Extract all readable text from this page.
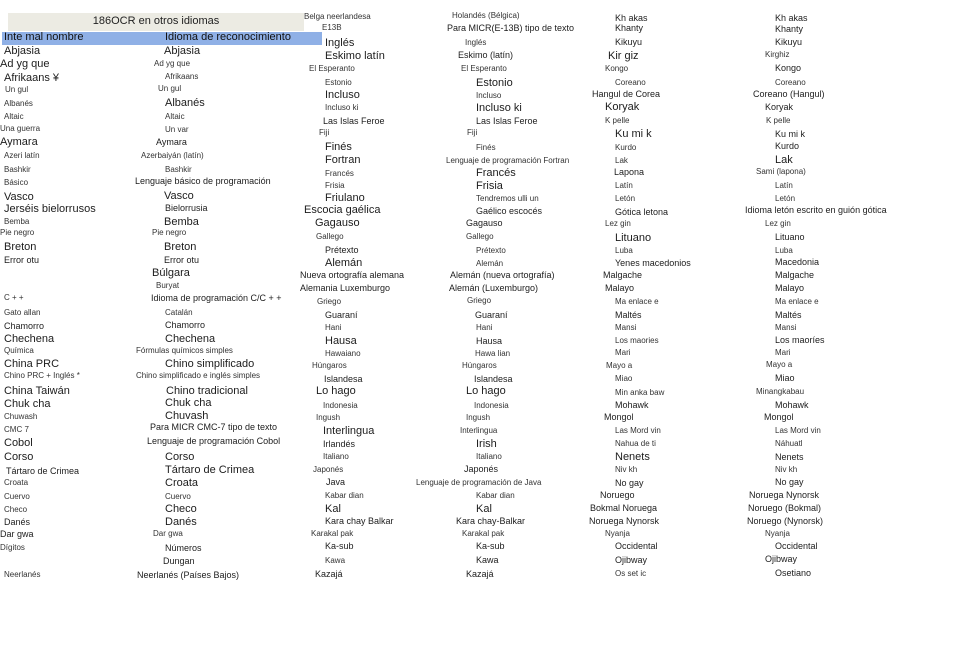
186OCR en otros idiomas
Inte mal nombre	Idioma de reconocimiento
Abjasia
Ad yg que
Afrikaans ¥
Un gul
Albanés
Altaic
Una guerra
Aymara
Azeri latín
Bashkir
Básico
Vasco
Jerséis bielorrusos
Bemba
Pie negro
Breton
Error otu
C + +
Gato allan
Chamorro
Chechena
Química
China PRC
Chino PRC + Inglés *
China Taiwán
Chuk cha
Chuwash
CMC 7
Cobol
Corso
Tártaro de Crimea
Croata
Cuervo
Checo
Danés
Dar gwa
Dígitos
Neerlanés
Abjasia
Ad yg que
Afrikaans
Un gul
Albanés
Altaic
Un var
Aymara
Azerbaiyán (latín)
Bashkir
Lenguaje básico de programación
Vasco
Bielorrusia
Bemba
Pie negro
Breton
Error otu
Búlgara
Buryat
Idioma de programación C/C + +
Catalán
Chamorro
Chechena
Fórmulas químicos simples
Chino simplificado
Chino simplificado e inglés simples
Chino tradicional
Chuk cha
Chuvash
Para MICR CMC-7 tipo de texto
Lenguaje de programación Cobol
Corso
Tártaro de Crimea
Croata
Cuervo
Checo
Danés
Dar gwa
Números
Dungan
Neerlanés (Países Bajos)
Belga neerlandesa
E13B
Inglés
Eskimo latín
El Esperanto
Estonio
Incluso
Incluso ki
Las Islas Feroe
Fiji
Finés
Fortran
Francés
Frisia
Friulano
Escocia gaélica
Gagauso
Gallego
Prétexto
Alemán
Nueva ortografía alemana
Alemania Luxemburgo
Griego
Guaraní
Hani
Hausa
Hawaiano
Húngaros
Islandesa
Lo hago
Indonesia
Ingush
Interlingua
Irlandés
Italiano
Japonés
Java
Kabar dian
Kal
Kara chay Balkar
Karakal pak
Ka-sub
Kawa
Kazajá
Holandés (Bélgica)
Para MICR(E-13B) tipo de texto
Inglés
Eskimo (latín)
El Esperanto
Estonio
Incluso
Incluso ki
Las Islas Feroe
Fiji
Finés
Lenguaje de programación Fortran
Francés
Frisia
Tendremos ulli un
Gaélico escocés
Gagauso
Gallego
Prétexto
Alemán
Alemán (nueva ortografía)
Alemán (Luxemburgo)
Griego
Guaraní
Hani
Hausa
Hawa lian
Húngaros
Islandesa
Lo hago
Indonesia
Ingush
Interlingua
Irish
Italiano
Japonés
Lenguaje de programación de Java
Kabar dian
Kal
Kara chay-Balkar
Karakal pak
Ka-sub
Kawa
Kazajá
Kh akas
Khanty
Kikuyu
Kir giz
Kongo
Coreano
Hangul de Corea
Koryak
K pelle
Ku mi k
Kurdo
Lak
Lapona
Latín
Letón
Gótica letona
Lez gin
Lituano
Luba
Yenes macedonios
Malgache
Malayo
Ma enlace e
Maltés
Mansi
Los maories
Mari
Mayo a
Miao
Min anka baw
Mohawk
Mongol
Las Mord vin
Nahua de ti
Nenets
Niv kh
No gay
Noruego
Bokmal Noruega
Noruega Nynorsk
Nyanja
Occidental
Ojibway
Os set ic
Kh akas
Khanty
Kikuyu
Kirghiz
Kongo
Coreano
Coreano (Hangul)
Koryak
K pelle
Ku mi k
Kurdo
Lak
Sami (lapona)
Latín
Letón
Idioma letón escrito en guión gótica
Lez gin
Lituano
Luba
Macedonia
Malgache
Malayo
Ma enlace e
Maltés
Mansi
Los maoríes
Mari
Mayo a
Miao
Minangkabau
Mohawk
Mongol
Las Mord vin
Náhuatl
Nenets
Niv kh
No gay
Noruega Nynorsk
Noruego (Bokmal)
Noruego (Nynorsk)
Nyanja
Occidental
Ojibway
Osetiano
